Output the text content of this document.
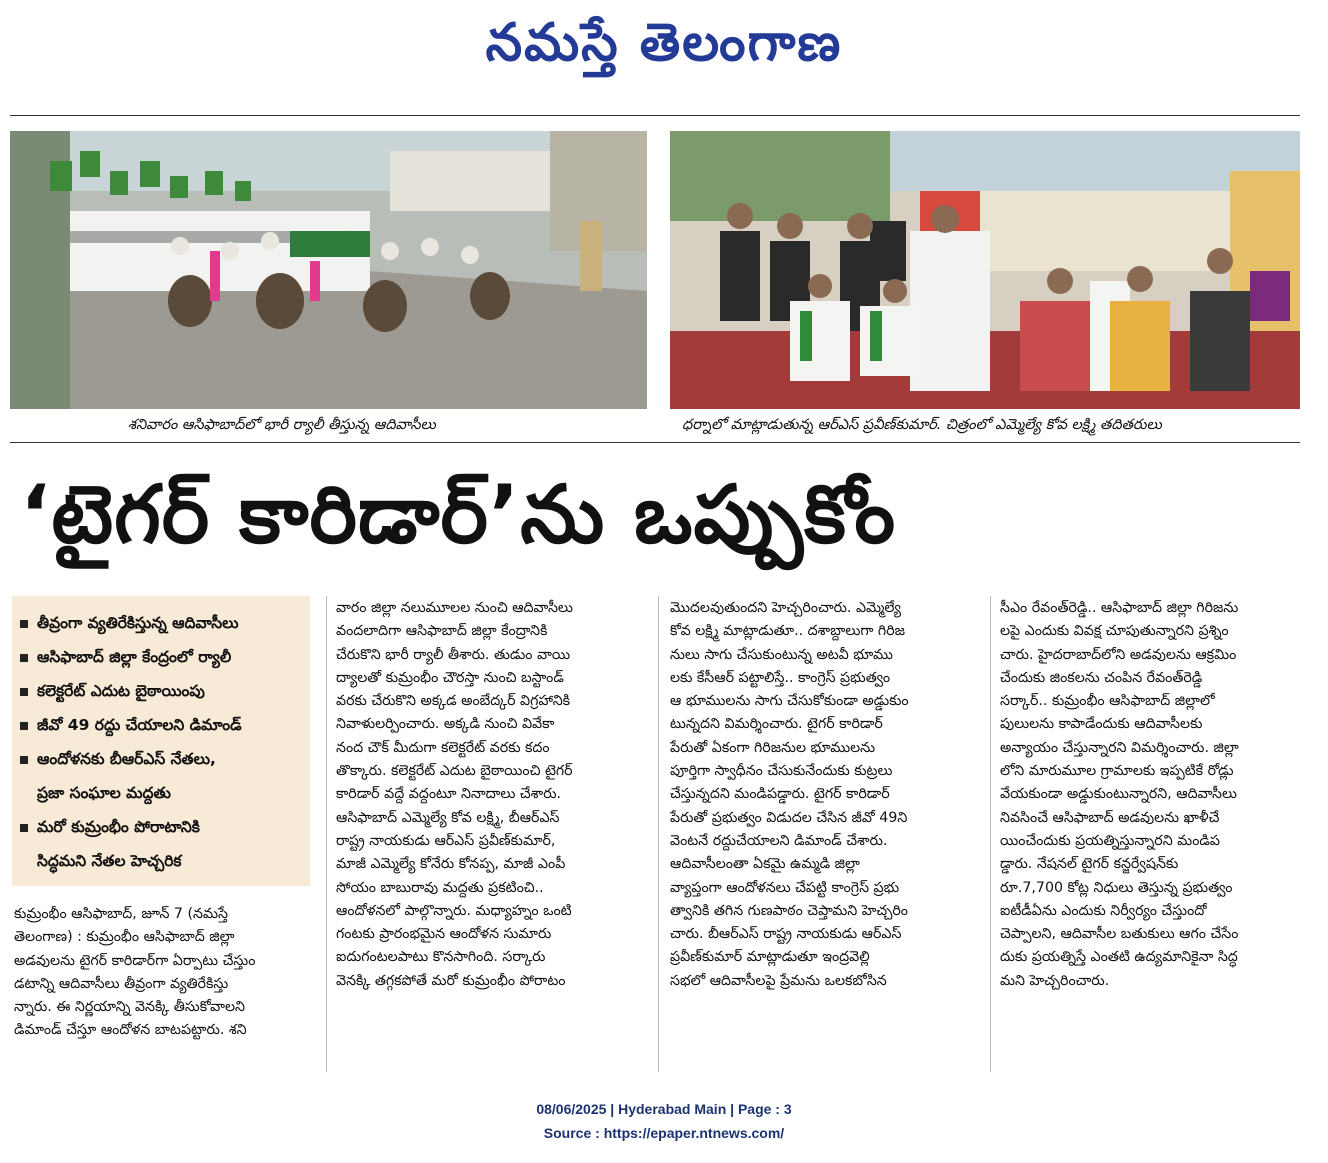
నమస్తే తెలంగాణ
శనివారం ఆసిఫాబాద్‌లో భారీ ర్యాలీ తీస్తున్న ఆదివాసీలు	ధర్నాలో మాట్లాడుతున్న ఆర్‌ఎస్ ప్రవీణ్‌కుమార్. చిత్రంలో ఎమ్మెల్యే కోవ లక్ష్మి తదితరులు
‘టైగర్ కారిడార్’ను ఒప్పుకోం
తీవ్రంగా వ్యతిరేకిస్తున్న ఆదివాసీలు
ఆసిఫాబాద్ జిల్లా కేంద్రంలో ర్యాలీ
కలెక్టరేట్ ఎదుట బైఠాయింపు
జీవో 49 రద్దు చేయాలని డిమాండ్
ఆందోళనకు బీఆర్‌ఎస్ నేతలు,
ప్రజా సంఘాల మద్దతు
మరో కుమ్రంభీం పోరాటానికి
సిద్ధమని నేతల హెచ్చరిక
కుమ్రంభీం ఆసిఫాబాద్, జూన్ 7 (నమస్తే
తెలంగాణ) : కుమ్రంభీం ఆసిఫాబాద్ జిల్లా
అడవులను టైగర్ కారిడార్‌గా ఏర్పాటు చేస్తుం
డటాన్ని ఆదివాసీలు తీవ్రంగా వ్యతిరేకిస్తు
న్నారు. ఈ నిర్ణయాన్ని వెనక్కి తీసుకోవాలని
డిమాండ్ చేస్తూ ఆందోళన బాటపట్టారు. శని
వారం జిల్లా నలుమూలల నుంచి ఆదివాసీలు
వందలాదిగా ఆసిఫాబాద్ జిల్లా కేంద్రానికి
చేరుకొని భారీ ర్యాలీ తీశారు. తుడుం వాయి
ద్యాలతో కుమ్రంభీం చౌరస్తా నుంచి బస్టాండ్
వరకు చేరుకొని అక్కడ అంబేద్కర్ విగ్రహానికి
నివాళులర్పించారు. అక్కడి నుంచి వివేకా
నంద చౌక్ మీదుగా కలెక్టరేట్ వరకు కదం
తొక్కారు. కలెక్టరేట్ ఎదుట బైఠాయించి టైగర్
కారిడార్ వద్దే వద్దంటూ నినాదాలు చేశారు.
ఆసిఫాబాద్ ఎమ్మెల్యే కోవ లక్ష్మి, బీఆర్‌ఎస్
రాష్ట్ర నాయకుడు ఆర్‌ఎస్ ప్రవీణ్‌కుమార్,
మాజీ ఎమ్మెల్యే కోనేరు కోనప్ప, మాజీ ఎంపీ
సోయం బాబురావు మద్దతు ప్రకటించి..
ఆందోళనలో పాల్గొన్నారు. మధ్యాహ్నం ఒంటి
గంటకు ప్రారంభమైన ఆందోళన సుమారు
ఐదుగంటలపాటు కొనసాగింది. సర్కారు
వెనక్కి తగ్గకపోతే మరో కుమ్రంభీం పోరాటం
మొదలవుతుందని హెచ్చరించారు. ఎమ్మెల్యే
కోవ లక్ష్మి మాట్లాడుతూ.. దశాబ్దాలుగా గిరిజ
నులు సాగు చేసుకుంటున్న అటవీ భూము
లకు కేసీఆర్ పట్టాలిస్తే.. కాంగ్రెస్ ప్రభుత్వం
ఆ భూములను సాగు చేసుకోకుండా అడ్డుకుం
టున్నదని విమర్శించారు. టైగర్ కారిడార్
పేరుతో ఏకంగా గిరిజనుల భూములను
పూర్తిగా స్వాధీనం చేసుకునేందుకు కుట్రలు
చేస్తున్నదని మండిపడ్డారు. టైగర్ కారిడార్
పేరుతో ప్రభుత్వం విడుదల చేసిన జీవో 49ని
వెంటనే రద్దుచేయాలని డిమాండ్ చేశారు.
ఆదివాసీలంతా ఏకమై ఉమ్మడి జిల్లా
వ్యాప్తంగా ఆందోళనలు చేపట్టి కాంగ్రెస్ ప్రభు
త్వానికి తగిన గుణపాఠం చెప్తామని హెచ్చరిం
చారు. బీఆర్‌ఎస్ రాష్ట్ర నాయకుడు ఆర్‌ఎస్
ప్రవీణ్‌కుమార్ మాట్లాడుతూ ఇంద్రవెల్లి
సభలో ఆదివాసీలపై ప్రేమను ఒలకబోసిన
సీఎం రేవంత్‌రెడ్డి.. ఆసిఫాబాద్ జిల్లా గిరిజను
లపై ఎందుకు వివక్ష చూపుతున్నారని ప్రశ్నిం
చారు. హైదరాబాద్‌లోని అడవులను ఆక్రమిం
చేందుకు జింకలను చంపిన రేవంత్‌రెడ్డి
సర్కార్.. కుమ్రంభీం ఆసిఫాబాద్ జిల్లాలో
పులులను కాపాడేందుకు ఆదివాసీలకు
అన్యాయం చేస్తున్నారని విమర్శించారు. జిల్లా
లోని మారుమూల గ్రామాలకు ఇప్పటికే రోడ్లు
వేయకుండా అడ్డుకుంటున్నారని, ఆదివాసీలు
నివసించే ఆసిఫాబాద్ అడవులను ఖాళీచే
యించేందుకు ప్రయత్నిస్తున్నారని మండిప
డ్డారు. నేషనల్ టైగర్ కన్జర్వేషన్‌కు
రూ.7,700 కోట్ల నిధులు తెస్తున్న ప్రభుత్వం
ఐటీడీఏను ఎందుకు నిర్వీర్యం చేస్తుందో
చెప్పాలని, ఆదివాసీల బతుకులు ఆగం చేసేం
దుకు ప్రయత్నిస్తే ఎంతటి ఉద్యమానికైనా సిద్ధ
మని హెచ్చరించారు.
08/06/2025 | Hyderabad Main | Page : 3
Source : https://epaper.ntnews.com/
